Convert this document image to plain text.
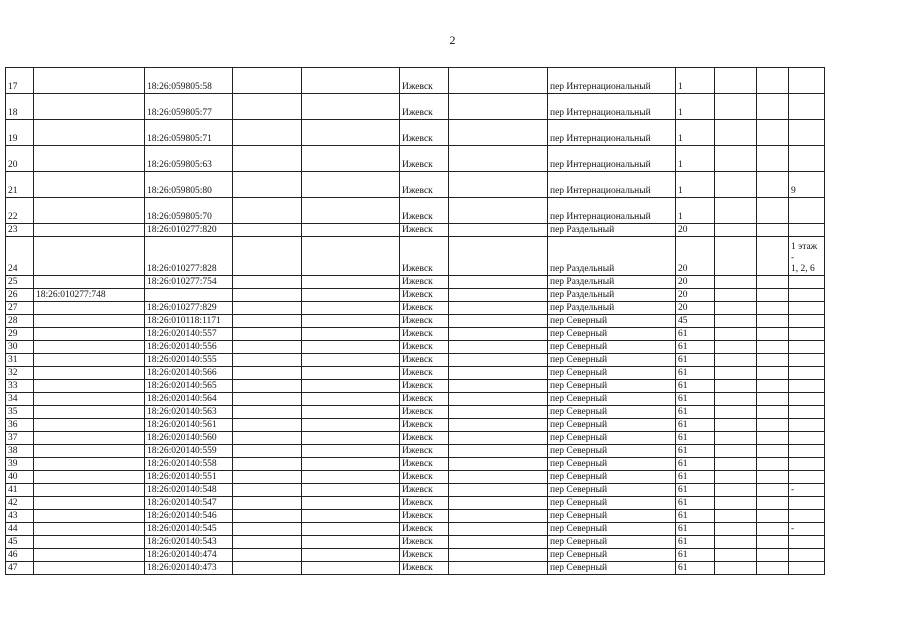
2
17		18:26:059805:58			Ижевск		пер Интернациональный	1			
18		18:26:059805:77			Ижевск		пер Интернациональный	1			
19		18:26:059805:71			Ижевск		пер Интернациональный	1			
20		18:26:059805:63			Ижевск		пер Интернациональный	1			
21		18:26:059805:80			Ижевск		пер Интернациональный	1			9
22		18:26:059805:70			Ижевск		пер Интернациональный	1			
23		18:26:010277:820			Ижевск		пер Раздельный	20			
24		18:26:010277:828			Ижевск		пер Раздельный	20			1 этаж -
1, 2, 6
25		18:26:010277:754			Ижевск		пер Раздельный	20			
26	18:26:010277:748				Ижевск		пер Раздельный	20			
27		18:26:010277:829			Ижевск		пер Раздельный	20			
28		18:26:010118:1171			Ижевск		пер Северный	45			
29		18:26:020140:557			Ижевск		пер Северный	61			
30		18:26:020140:556			Ижевск		пер Северный	61			
31		18:26:020140:555			Ижевск		пер Северный	61			
32		18:26:020140:566			Ижевск		пер Северный	61			
33		18:26:020140:565			Ижевск		пер Северный	61			
34		18:26:020140:564			Ижевск		пер Северный	61			
35		18:26:020140:563			Ижевск		пер Северный	61			
36		18:26:020140:561			Ижевск		пер Северный	61			
37		18:26:020140:560			Ижевск		пер Северный	61			
38		18:26:020140:559			Ижевск		пер Северный	61			
39		18:26:020140:558			Ижевск		пер Северный	61			
40		18:26:020140:551			Ижевск		пер Северный	61			
41		18:26:020140:548			Ижевск		пер Северный	61			-
42		18:26:020140:547			Ижевск		пер Северный	61			
43		18:26:020140:546			Ижевск		пер Северный	61			
44		18:26:020140:545			Ижевск		пер Северный	61			-
45		18:26:020140:543			Ижевск		пер Северный	61			
46		18:26:020140:474			Ижевск		пер Северный	61			
47		18:26:020140:473			Ижевск		пер Северный	61			
